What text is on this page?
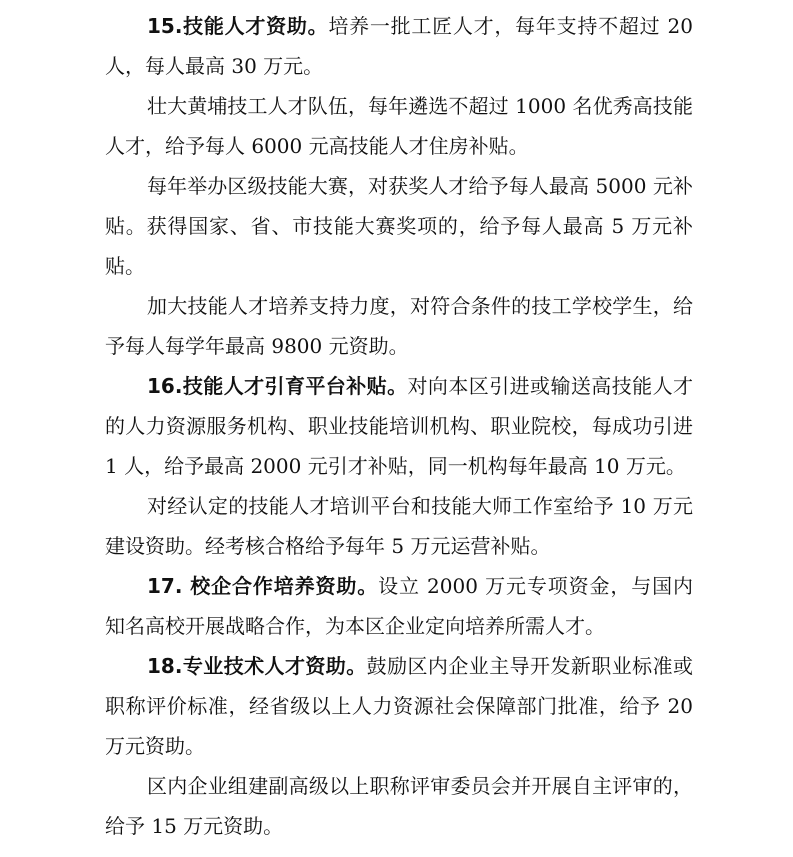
15.技能人才资助。培养一批工匠人才，每年支持不超过 20 人，每人最高 30 万元。

壮大黄埔技工人才队伍，每年遴选不超过 1000 名优秀高技能人才，给予每人 6000 元高技能人才住房补贴。

每年举办区级技能大赛，对获奖人才给予每人最高 5000 元补贴。获得国家、省、市技能大赛奖项的，给予每人最高 5 万元补贴。

加大技能人才培养支持力度，对符合条件的技工学校学生，给予每人每学年最高 9800 元资助。

16.技能人才引育平台补贴。对向本区引进或输送高技能人才的人力资源服务机构、职业技能培训机构、职业院校，每成功引进 1 人，给予最高 2000 元引才补贴，同一机构每年最高 10 万元。

对经认定的技能人才培训平台和技能大师工作室给予 10 万元建设资助。经考核合格给予每年 5 万元运营补贴。

17. 校企合作培养资助。设立 2000 万元专项资金，与国内知名高校开展战略合作，为本区企业定向培养所需人才。

18.专业技术人才资助。鼓励区内企业主导开发新职业标准或职称评价标准，经省级以上人力资源社会保障部门批准，给予 20 万元资助。

区内企业组建副高级以上职称评审委员会并开展自主评审的，给予 15 万元资助。
